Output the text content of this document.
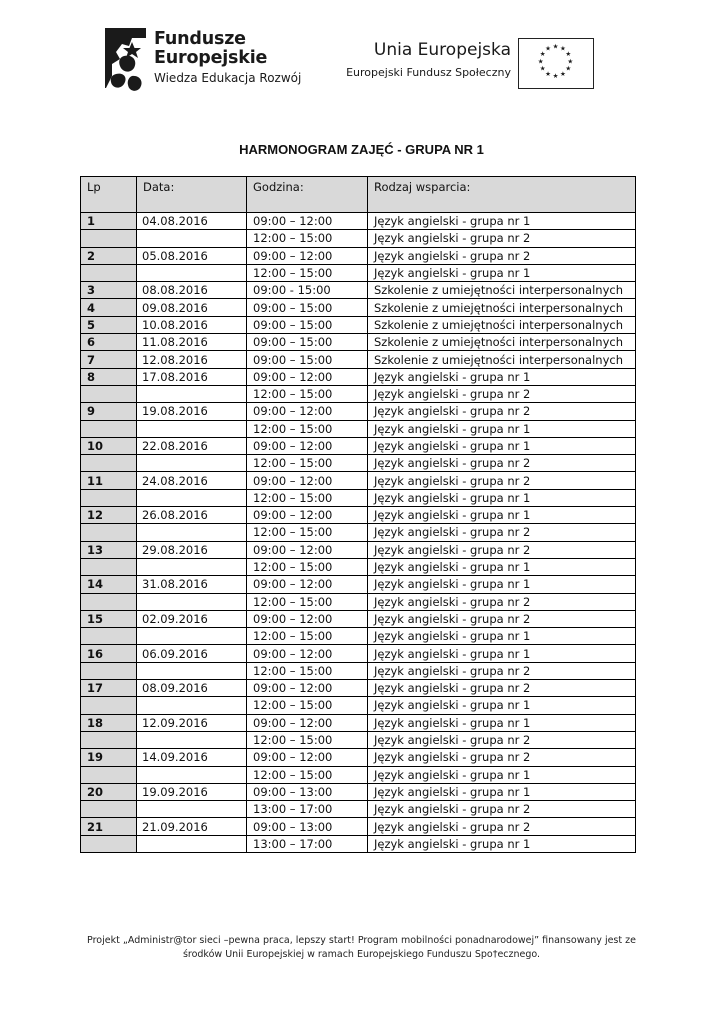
Fundusze
Europejskie
Wiedza Edukacja Rozwój
Unia Europejska
Europejski Fundusz Społeczny
★ ★
★
★
★
★
★
★
★
★
★
★
HARMONOGRAM ZAJĘĆ - GRUPA NR 1
Lp	Data:	Godzina:	Rodzaj wsparcia:
1	04.08.2016	09:00 – 12:00	Język angielski - grupa nr 1
		12:00 – 15:00	Język angielski - grupa nr 2
2	05.08.2016	09:00 – 12:00	Język angielski - grupa nr 2
		12:00 – 15:00	Język angielski - grupa nr 1
3	08.08.2016	09:00 - 15:00	Szkolenie z umiejętności interpersonalnych
4	09.08.2016	09:00 – 15:00	Szkolenie z umiejętności interpersonalnych
5	10.08.2016	09:00 – 15:00	Szkolenie z umiejętności interpersonalnych
6	11.08.2016	09:00 – 15:00	Szkolenie z umiejętności interpersonalnych
7	12.08.2016	09:00 – 15:00	Szkolenie z umiejętności interpersonalnych
8	17.08.2016	09:00 – 12:00	Język angielski - grupa nr 1
		12:00 – 15:00	Język angielski - grupa nr 2
9	19.08.2016	09:00 – 12:00	Język angielski - grupa nr 2
		12:00 – 15:00	Język angielski - grupa nr 1
10	22.08.2016	09:00 – 12:00	Język angielski - grupa nr 1
		12:00 – 15:00	Język angielski - grupa nr 2
11	24.08.2016	09:00 – 12:00	Język angielski - grupa nr 2
		12:00 – 15:00	Język angielski - grupa nr 1
12	26.08.2016	09:00 – 12:00	Język angielski - grupa nr 1
		12:00 – 15:00	Język angielski - grupa nr 2
13	29.08.2016	09:00 – 12:00	Język angielski - grupa nr 2
		12:00 – 15:00	Język angielski - grupa nr 1
14	31.08.2016	09:00 – 12:00	Język angielski - grupa nr 1
		12:00 – 15:00	Język angielski - grupa nr 2
15	02.09.2016	09:00 – 12:00	Język angielski - grupa nr 2
		12:00 – 15:00	Język angielski - grupa nr 1
16	06.09.2016	09:00 – 12:00	Język angielski - grupa nr 1
		12:00 – 15:00	Język angielski - grupa nr 2
17	08.09.2016	09:00 – 12:00	Język angielski - grupa nr 2
		12:00 – 15:00	Język angielski - grupa nr 1
18	12.09.2016	09:00 – 12:00	Język angielski - grupa nr 1
		12:00 – 15:00	Język angielski - grupa nr 2
19	14.09.2016	09:00 – 12:00	Język angielski - grupa nr 2
		12:00 – 15:00	Język angielski - grupa nr 1
20	19.09.2016	09:00 – 13:00	Język angielski - grupa nr 1
		13:00 – 17:00	Język angielski - grupa nr 2
21	21.09.2016	09:00 – 13:00	Język angielski - grupa nr 2
		13:00 – 17:00	Język angielski - grupa nr 1
Projekt „Administr@tor sieci –pewna praca, lepszy start! Program mobilności ponadnarodowej” finansowany jest ze
środków Unii Europejskiej w ramach Europejskiego Funduszu Spo†ecznego.
